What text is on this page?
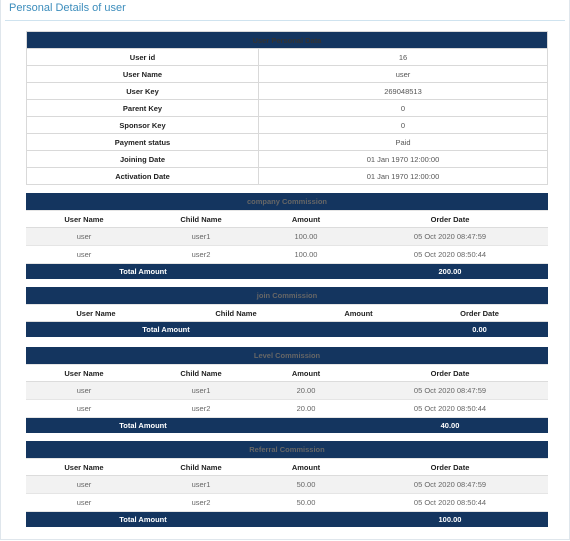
Personal Details of user
User Personal Data	
User id	16
User Name	user
User Key	269048513
Parent Key	0
Sponsor Key	0
Payment status	Paid
Joining Date	01 Jan 1970 12:00:00
Activation Date	01 Jan 1970 12:00:00
company Commission			
User Name	Child Name	Amount	Order Date
user	user1	100.00	05 Oct 2020 08:47:59
user	user2	100.00	05 Oct 2020 08:50:44
Total Amount			200.00
join Commission			
User Name	Child Name	Amount	Order Date
Total Amount			0.00
Level Commission			
User Name	Child Name	Amount	Order Date
user	user1	20.00	05 Oct 2020 08:47:59
user	user2	20.00	05 Oct 2020 08:50:44
Total Amount			40.00
Referral Commission			
User Name	Child Name	Amount	Order Date
user	user1	50.00	05 Oct 2020 08:47:59
user	user2	50.00	05 Oct 2020 08:50:44
Total Amount			100.00
